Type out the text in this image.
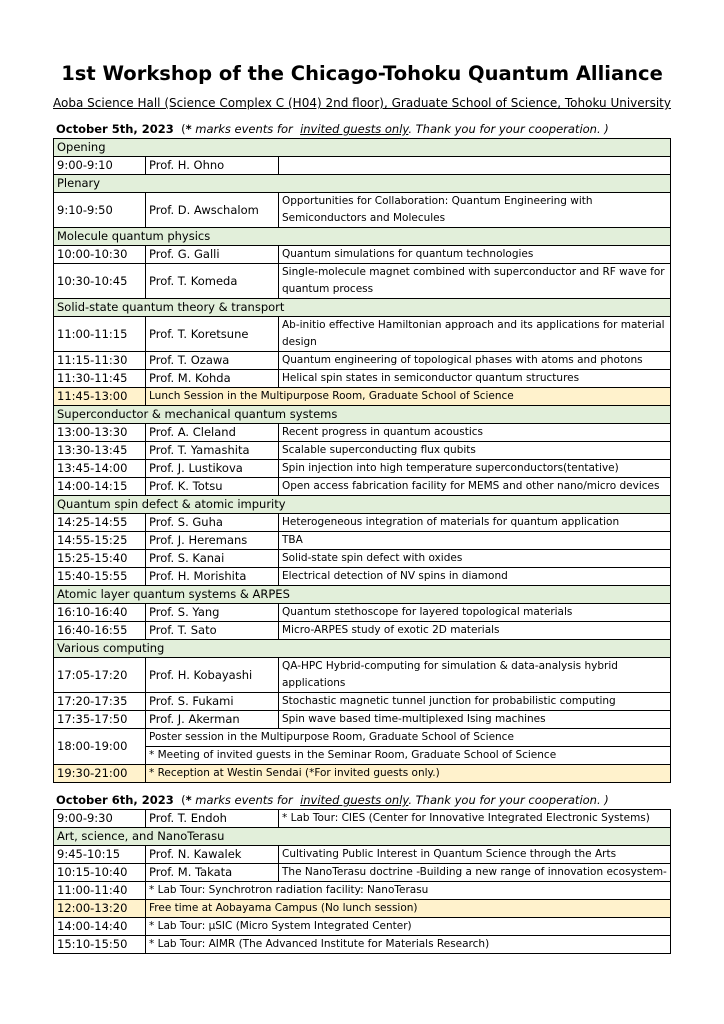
1st Workshop of the Chicago-Tohoku Quantum Alliance
Aoba Science Hall (Science Complex C (H04) 2nd floor), Graduate School of Science, Tohoku University
October 5th, 2023 (* marks events for invited guests only. Thank you for your cooperation. )
Opening		
9:00-9:10	Prof. H. Ohno	
Plenary		
9:10-9:50	Prof. D. Awschalom	Opportunities for Collaboration: Quantum Engineering with Semiconductors and Molecules
Molecule quantum physics		
10:00-10:30	Prof. G. Galli	Quantum simulations for quantum technologies
10:30-10:45	Prof. T. Komeda	Single-molecule magnet combined with superconductor and RF wave for quantum process
Solid-state quantum theory & transport		
11:00-11:15	Prof. T. Koretsune	Ab-initio effective Hamiltonian approach and its applications for material design
11:15-11:30	Prof. T. Ozawa	Quantum engineering of topological phases with atoms and photons
11:30-11:45	Prof. M. Kohda	Helical spin states in semiconductor quantum structures
11:45-13:00	Lunch Session in the Multipurpose Room, Graduate School of Science	
Superconductor & mechanical quantum systems		
13:00-13:30	Prof. A. Cleland	Recent progress in quantum acoustics
13:30-13:45	Prof. T. Yamashita	Scalable superconducting flux qubits
13:45-14:00	Prof. J. Lustikova	Spin injection into high temperature superconductors(tentative)
14:00-14:15	Prof. K. Totsu	Open access fabrication facility for MEMS and other nano/micro devices
Quantum spin defect & atomic impurity		
14:25-14:55	Prof. S. Guha	Heterogeneous integration of materials for quantum application
14:55-15:25	Prof. J. Heremans	TBA
15:25-15:40	Prof. S. Kanai	Solid-state spin defect with oxides
15:40-15:55	Prof. H. Morishita	Electrical detection of NV spins in diamond
Atomic layer quantum systems & ARPES		
16:10-16:40	Prof. S. Yang	Quantum stethoscope for layered topological materials
16:40-16:55	Prof. T. Sato	Micro-ARPES study of exotic 2D materials
Various computing		
17:05-17:20	Prof. H. Kobayashi	QA-HPC Hybrid-computing for simulation & data-analysis hybrid applications
17:20-17:35	Prof. S. Fukami	Stochastic magnetic tunnel junction for probabilistic computing
17:35-17:50	Prof. J. Akerman	Spin wave based time-multiplexed Ising machines
18:00-19:00	Poster session in the Multipurpose Room, Graduate School of Science	
	* Meeting of invited guests in the Seminar Room, Graduate School of Science	
19:30-21:00	* Reception at Westin Sendai (*For invited guests only.)	
October 6th, 2023 (* marks events for invited guests only. Thank you for your cooperation. )
9:00-9:30	Prof. T. Endoh	* Lab Tour: CIES (Center for Innovative Integrated Electronic Systems)
Art, science, and NanoTerasu		
9:45-10:15	Prof. N. Kawalek	Cultivating Public Interest in Quantum Science through the Arts
10:15-10:40	Prof. M. Takata	The NanoTerasu doctrine -Building a new range of innovation ecosystem-
11:00-11:40	* Lab Tour: Synchrotron radiation facility: NanoTerasu	
12:00-13:20	Free time at Aobayama Campus (No lunch session)	
14:00-14:40	* Lab Tour: μSIC (Micro System Integrated Center)	
15:10-15:50	* Lab Tour: AIMR (The Advanced Institute for Materials Research)	
